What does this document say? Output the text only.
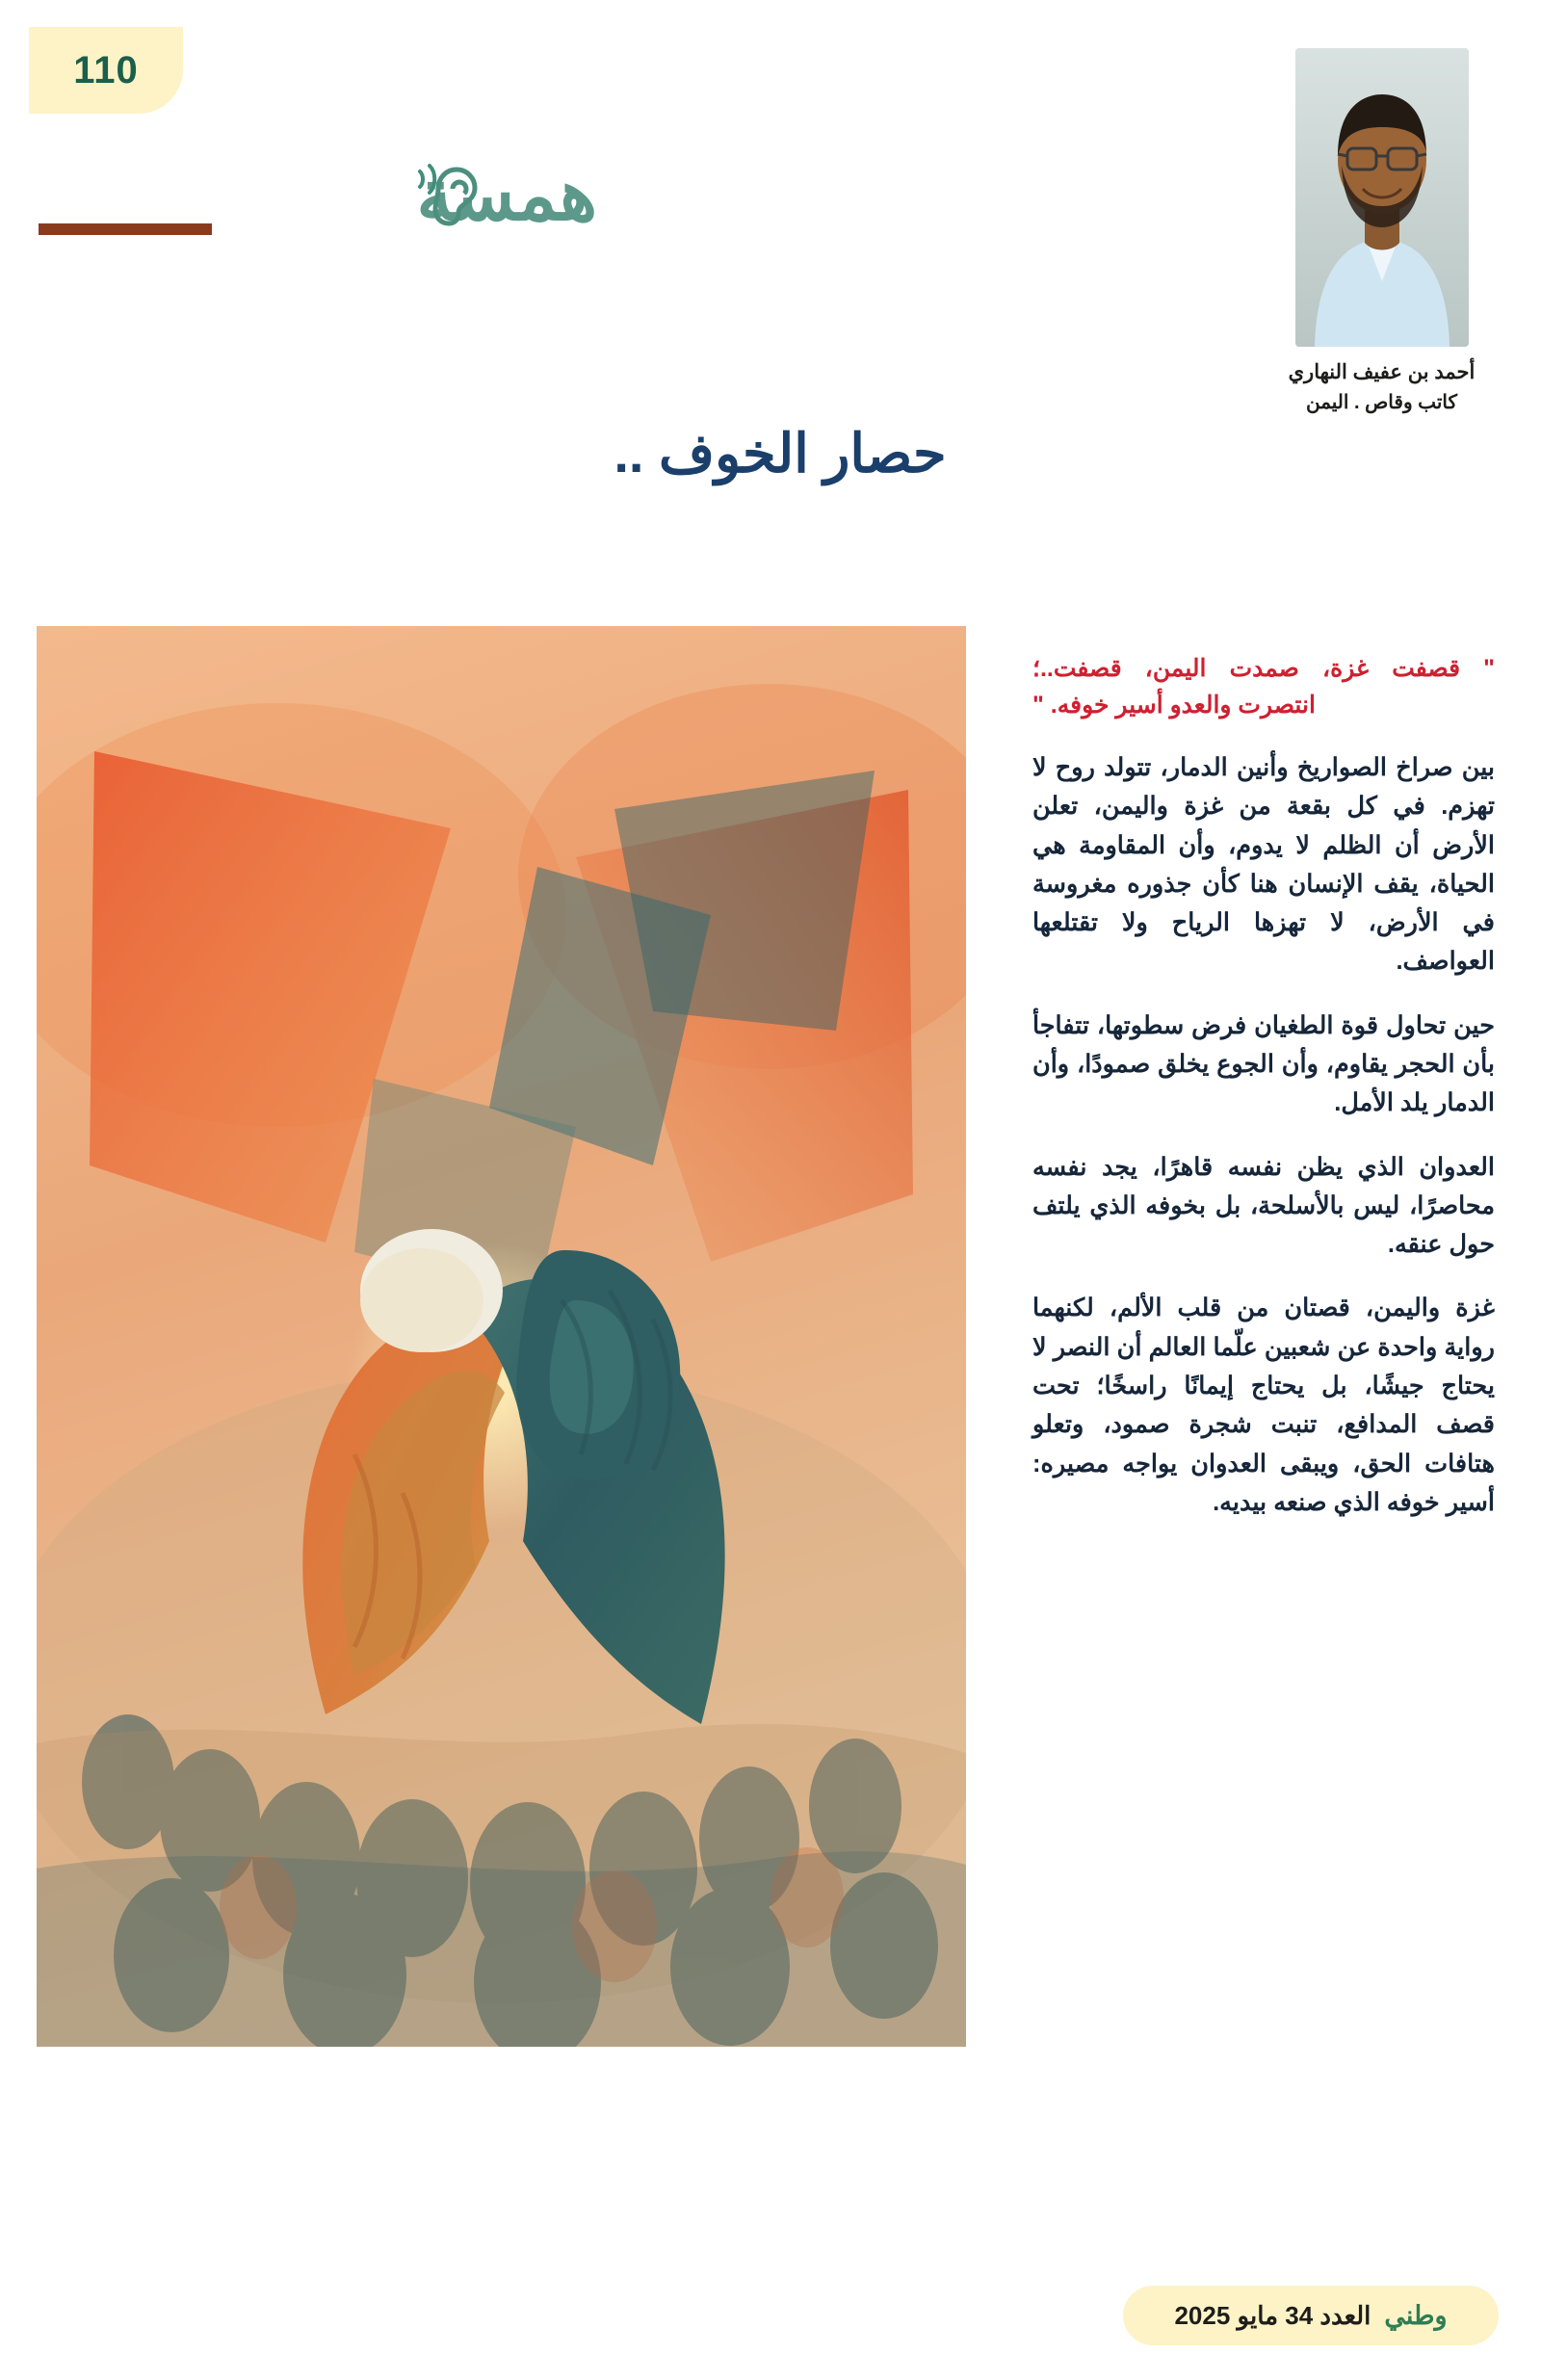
110
همسة
أحمد بن عفيف النهاري
كاتب وقاص . اليمن
حصار الخوف ..

" قصفت غزة، صمدت اليمن، قصفت..؛ انتصرت والعدو أسير خوفه. "

بين صراخ الصواريخ وأنين الدمار، تتولد روح لا تهزم. في كل بقعة من غزة واليمن، تعلن الأرض أن الظلم لا يدوم، وأن المقاومة هي الحياة، يقف الإنسان هنا كأن جذوره مغروسة في الأرض، لا تهزها الرياح ولا تقتلعها العواصف.

حين تحاول قوة الطغيان فرض سطوتها، تتفاجأ بأن الحجر يقاوم، وأن الجوع يخلق صمودًا، وأن الدمار يلد الأمل.

العدوان الذي يظن نفسه قاهرًا، يجد نفسه محاصرًا، ليس بالأسلحة، بل بخوفه الذي يلتف حول عنقه.

غزة واليمن، قصتان من قلب الألم، لكنهما رواية واحدة عن شعبين علّما العالم أن النصر لا يحتاج جيشًا، بل يحتاج إيمانًا راسخًا؛ تحت قصف المدافع، تنبت شجرة صمود، وتعلو هتافات الحق، ويبقى العدوان يواجه مصيره: أسير خوفه الذي صنعه بيديه.

وطني
العدد 34 مايو 2025
